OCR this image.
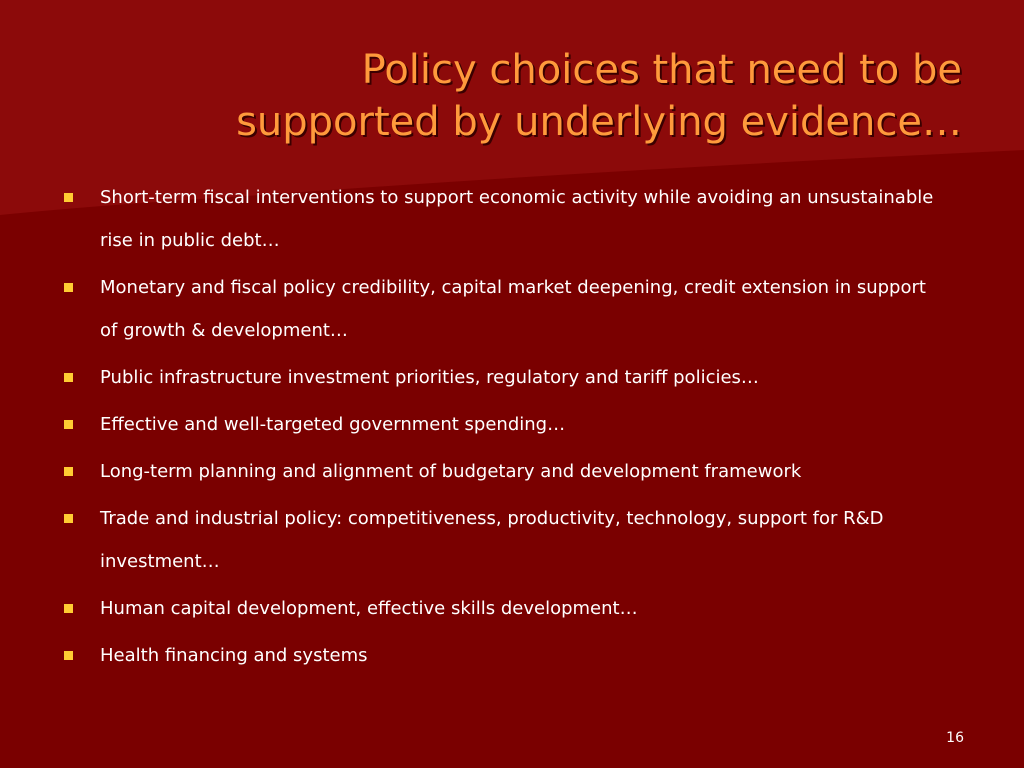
Policy choices that need to be
supported by underlying evidence…
Short-term fiscal interventions to support economic activity while avoiding an unsustainable rise in public debt…
Monetary and fiscal policy credibility, capital market deepening, credit extension in support of growth & development…
Public infrastructure investment priorities, regulatory and tariff policies…
Effective and well-targeted government spending…
Long-term planning and alignment of budgetary and development framework
Trade and industrial policy: competitiveness, productivity, technology, support for R&D investment…
Human capital development, effective skills development…
Health financing and systems
16
